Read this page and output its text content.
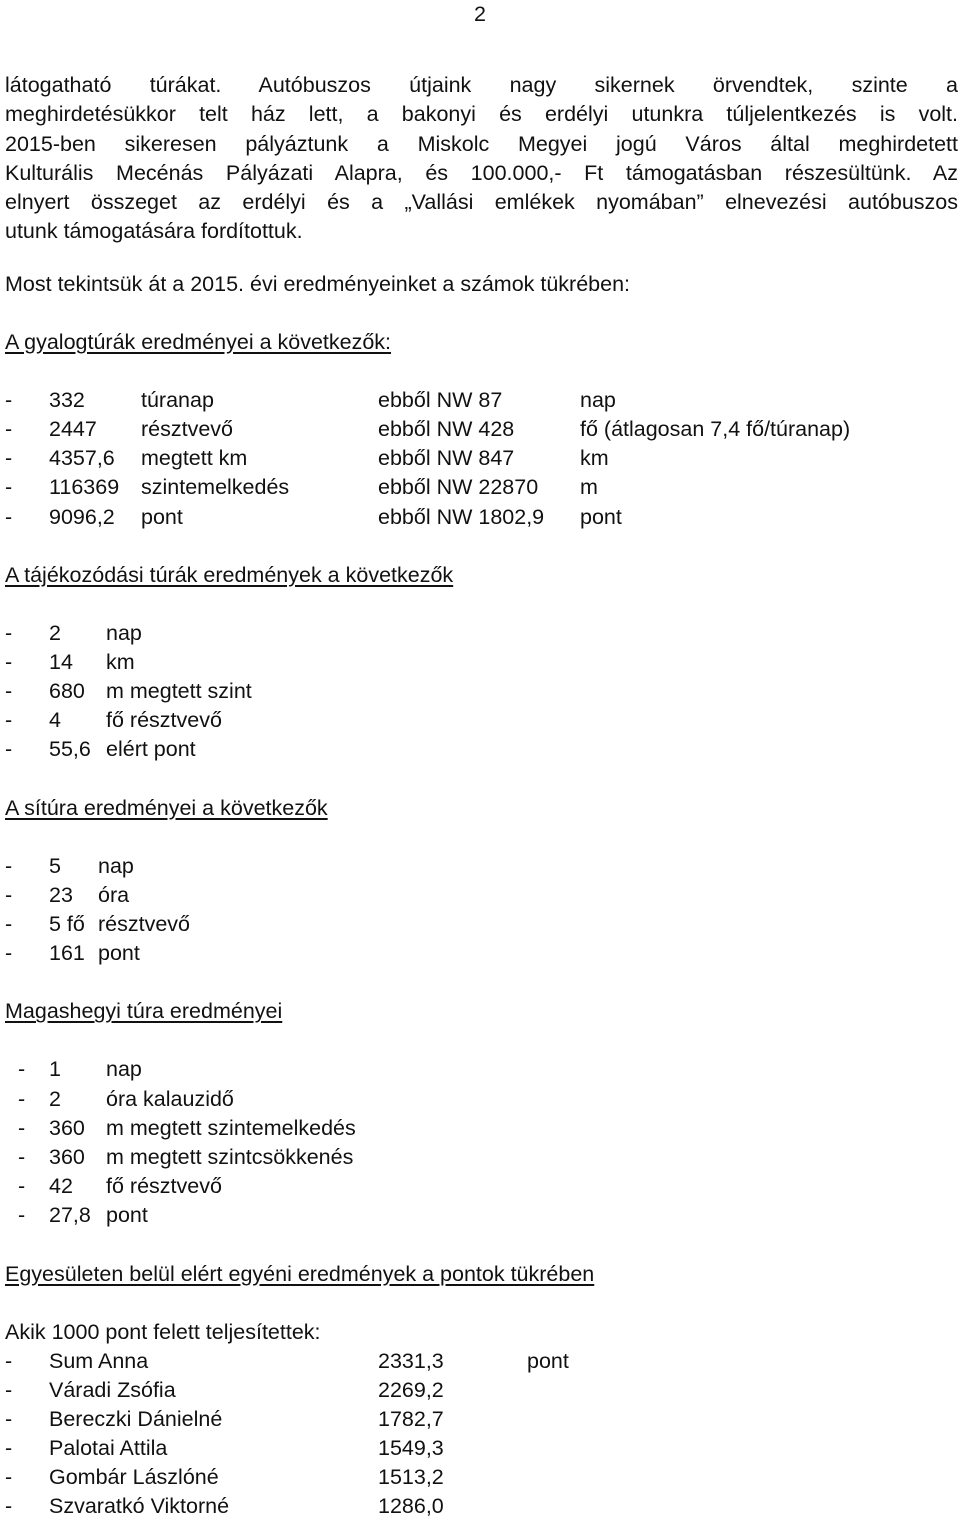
2

látogatható túrákat. Autóbuszos útjaink nagy sikernek örvendtek, szinte a
meghirdetésükkor telt ház lett, a bakonyi és erdélyi utunkra túljelentkezés is volt.
2015-ben sikeresen pályáztunk a Miskolc Megyei jogú Város által meghirdetett
Kulturális Mecénás Pályázati Alapra, és 100.000,- Ft támogatásban részesültünk. Az
elnyert összeget az erdélyi és a „Vallási emlékek nyomában” elnevezési autóbuszos
utunk támogatására fordítottuk.

Most tekintsük át a 2015. évi eredményeinket a számok tükrében:

A gyalogtúrák eredményei a következők:
- 332	túranap	ebből NW 87	nap
- 2447 résztvevő	ebből NW 428	fő (átlagosan 7,4 fő/túranap)
- 4357,6 megtett km	ebből NW 847	km
- 116369 szintemelkedés	ebből NW 22870 m
- 9096,2 pont	ebből NW 1802,9 pont
A tájékozódási túrák eredmények a következők
- 2 nap
- 14 km
- 680 m megtett szint
- 4 fő résztvevő
- 55,6 elért pont
A sítúra eredményei a következők
- 5 nap
- 23 óra
- 5 fő résztvevő
- 161 pont
Magashegyi túra eredményei
- 1 nap
- 2 óra kalauzidő
- 360 m megtett szintemelkedés
- 360 m megtett szintcsökkenés
- 42 fő résztvevő
- 27,8 pont
Egyesületen belül elért egyéni eredmények a pontok tükrében

Akik 1000 pont felett teljesítettek:

- Sum Anna	2331,3	pont
- Váradi Zsófia	2269,2
- Bereczki Dánielné	1782,7
- Palotai Attila	1549,3
- Gombár Lászlóné	1513,2
- Szvaratkó Viktorné	1286,0
